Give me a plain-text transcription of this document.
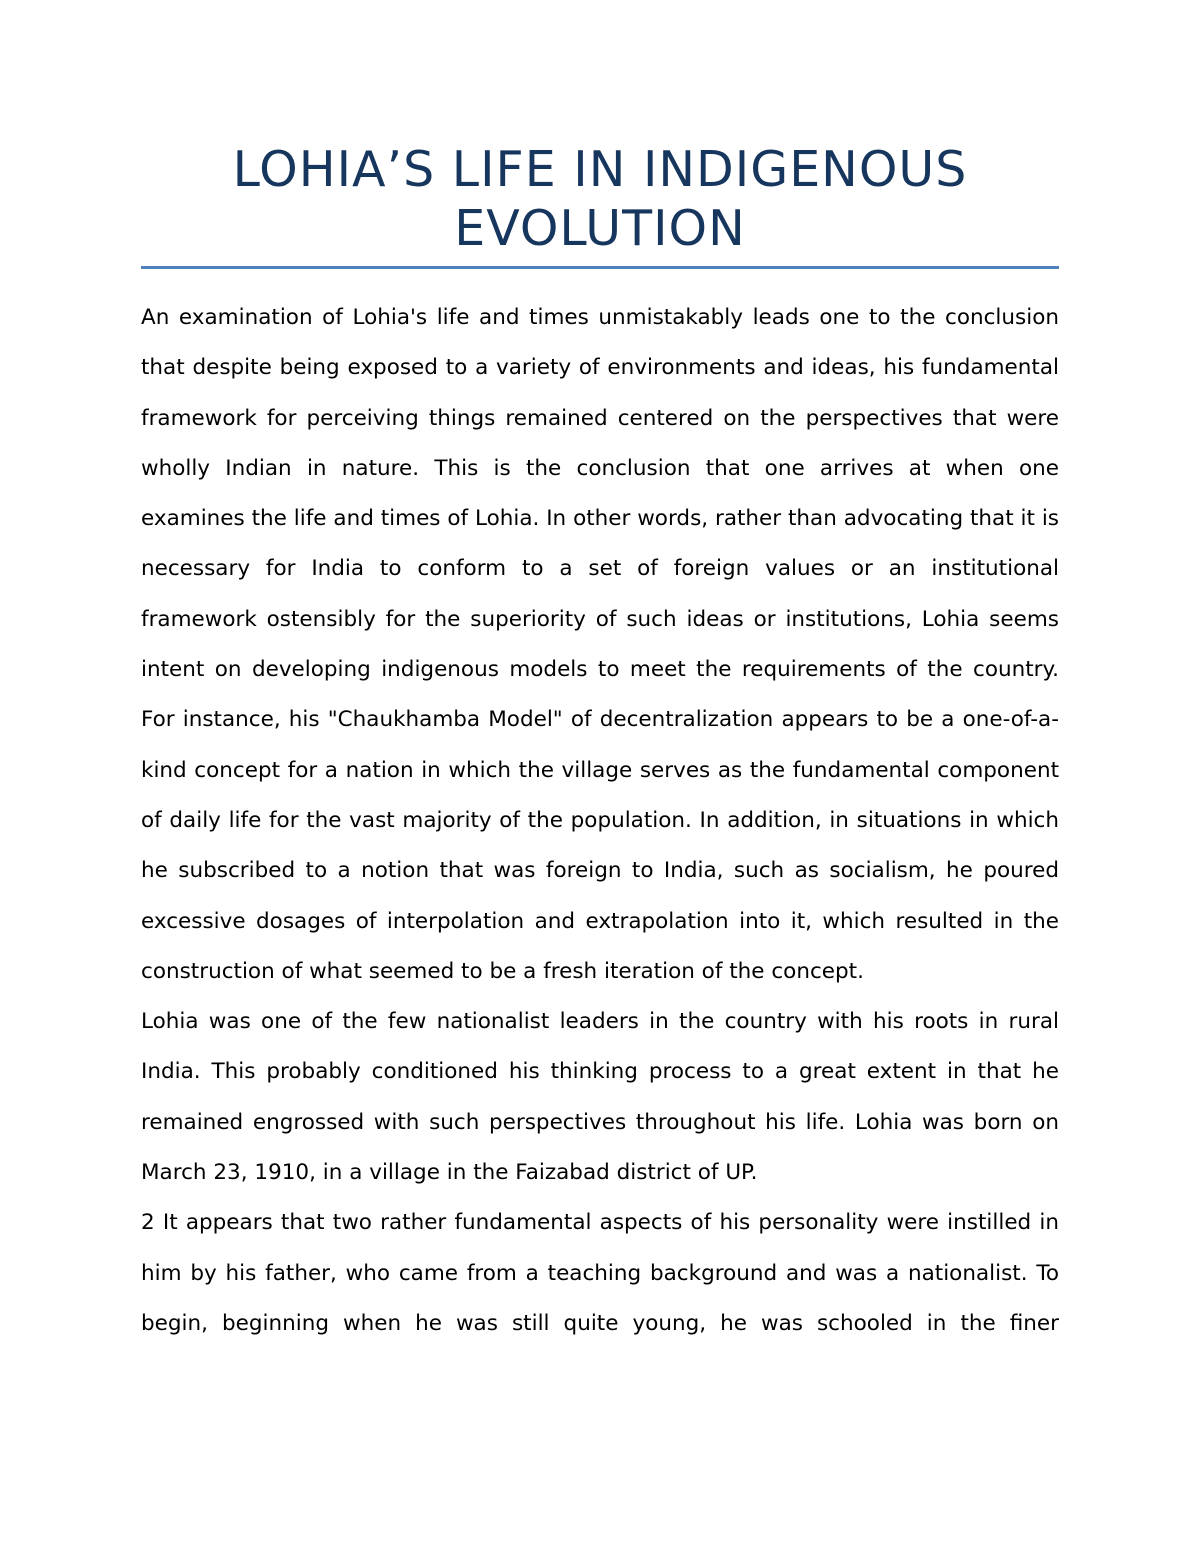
LOHIA’S LIFE IN INDIGENOUS EVOLUTION

An examination of Lohia's life and times unmistakably leads one to the conclusion that despite being exposed to a variety of environments and ideas, his fundamental framework for perceiving things remained centered on the perspectives that were wholly Indian in nature. This is the conclusion that one arrives at when one examines the life and times of Lohia. In other words, rather than advocating that it is necessary for India to conform to a set of foreign values or an institutional framework ostensibly for the superiority of such ideas or institutions, Lohia seems intent on developing indigenous models to meet the requirements of the country. For instance, his "Chaukhamba Model" of decentralization appears to be a one-of-a-kind concept for a nation in which the village serves as the fundamental component of daily life for the vast majority of the population. In addition, in situations in which he subscribed to a notion that was foreign to India, such as socialism, he poured excessive dosages of interpolation and extrapolation into it, which resulted in the construction of what seemed to be a fresh iteration of the concept.

Lohia was one of the few nationalist leaders in the country with his roots in rural India. This probably conditioned his thinking process to a great extent in that he remained engrossed with such perspectives throughout his life. Lohia was born on March 23, 1910, in a village in the Faizabad district of UP.

2 It appears that two rather fundamental aspects of his personality were instilled in him by his father, who came from a teaching background and was a nationalist. To begin, beginning when he was still quite young, he was schooled in the finer
